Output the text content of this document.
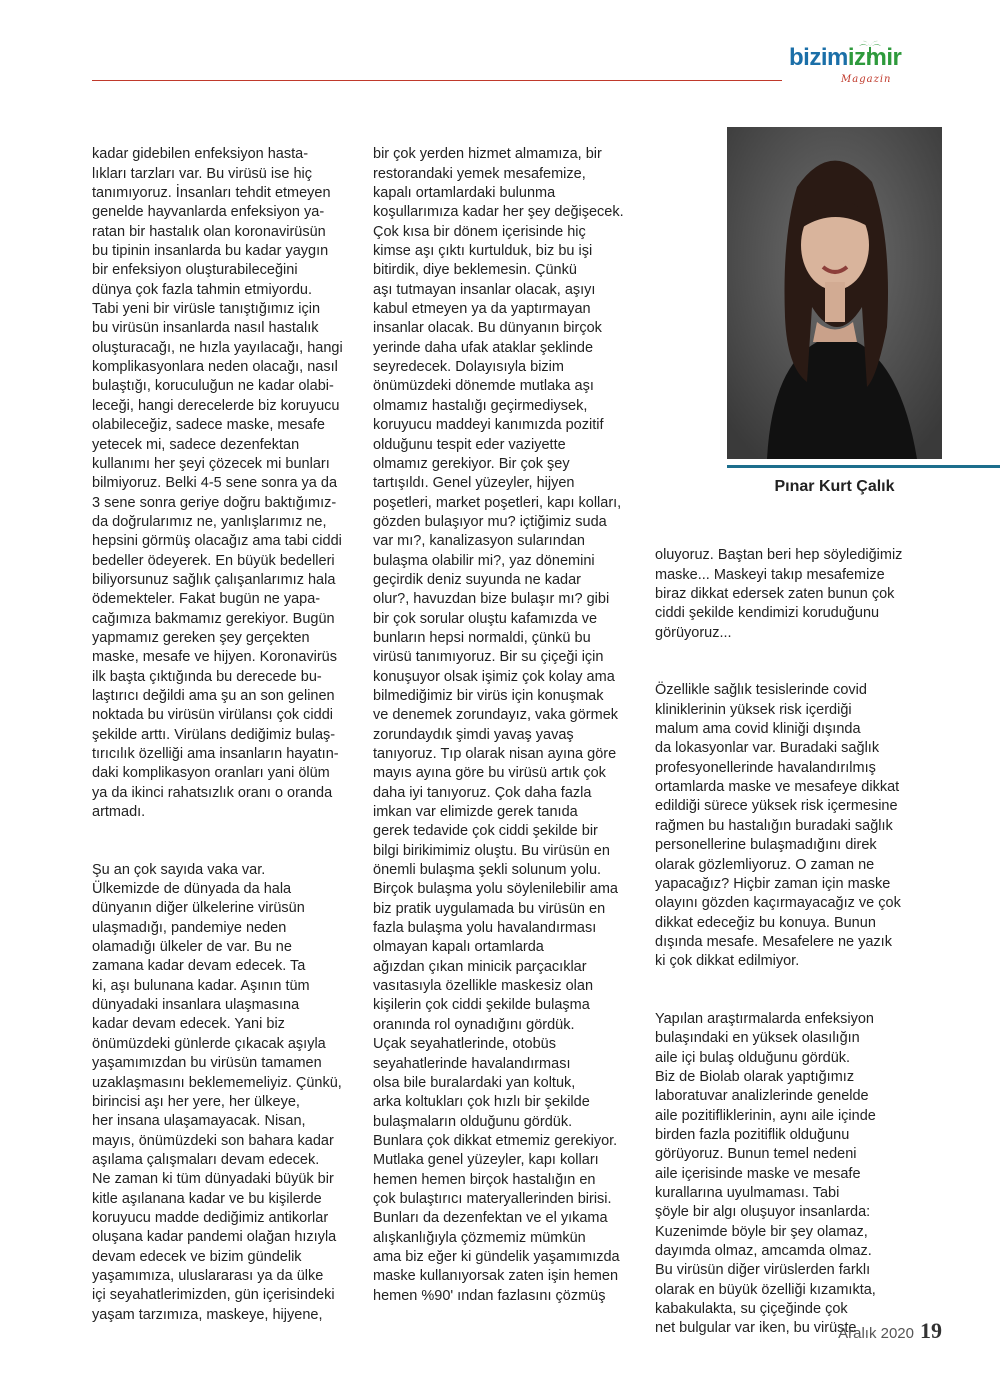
bizimizmir
Magazin

kadar gidebilen enfeksiyon hasta-
lıkları tarzları var. Bu virüsü ise hiç
tanımıyoruz. İnsanları tehdit etmeyen
genelde hayvanlarda enfeksiyon ya-
ratan bir hastalık olan koronavirüsün
bu tipinin insanlarda bu kadar yaygın
bir enfeksiyon oluşturabileceğini
dünya çok fazla tahmin etmiyordu.
Tabi yeni bir virüsle tanıştığımız için
bu virüsün insanlarda nasıl hastalık
oluşturacağı, ne hızla yayılacağı, hangi
komplikasyonlara neden olacağı, nasıl
bulaştığı, koruculuğun ne kadar olabi-
leceği, hangi derecelerde biz koruyucu
olabileceğiz, sadece maske, mesafe
yetecek mi, sadece dezenfektan
kullanımı her şeyi çözecek mi bunları
bilmiyoruz. Belki 4-5 sene sonra ya da
3 sene sonra geriye doğru baktığımız-
da doğrularımız ne, yanlışlarımız ne,
hepsini görmüş olacağız ama tabi ciddi
bedeller ödeyerek. En büyük bedelleri
biliyorsunuz sağlık çalışanlarımız hala
ödemekteler. Fakat bugün ne yapa-
cağımıza bakmamız gerekiyor. Bugün
yapmamız gereken şey gerçekten
maske, mesafe ve hijyen. Koronavirüs
ilk başta çıktığında bu derecede bu-
laştırıcı değildi ama şu an son gelinen
noktada bu virüsün virülansı çok ciddi
şekilde arttı. Virülans dediğimiz bulaş-
tırıcılık özelliği ama insanların hayatın-
daki komplikasyon oranları yani ölüm
ya da ikinci rahatsızlık oranı o oranda
artmadı.

Şu an çok sayıda vaka var.
Ülkemizde de dünyada da hala
dünyanın diğer ülkelerine virüsün
ulaşmadığı, pandemiye neden
olamadığı ülkeler de var. Bu ne
zamana kadar devam edecek. Ta
ki, aşı bulunana kadar. Aşının tüm
dünyadaki insanlara ulaşmasına
kadar devam edecek. Yani biz
önümüzdeki günlerde çıkacak aşıyla
yaşamımızdan bu virüsün tamamen
uzaklaşmasını beklememeliyiz. Çünkü,
birincisi aşı her yere, her ülkeye,
her insana ulaşamayacak. Nisan,
mayıs, önümüzdeki son bahara kadar
aşılama çalışmaları devam edecek.
Ne zaman ki tüm dünyadaki büyük bir
kitle aşılanana kadar ve bu kişilerde
koruyucu madde dediğimiz antikorlar
oluşana kadar pandemi olağan hızıyla
devam edecek ve bizim gündelik
yaşamımıza, uluslararası ya da ülke
içi seyahatlerimizden, gün içerisindeki
yaşam tarzımıza, maskeye, hijyene,

bir çok yerden hizmet almamıza, bir
restorandaki yemek mesafemize,
kapalı ortamlardaki bulunma
koşullarımıza kadar her şey değişecek.
Çok kısa bir dönem içerisinde hiç
kimse aşı çıktı kurtulduk, biz bu işi
bitirdik, diye beklemesin. Çünkü
aşı tutmayan insanlar olacak, aşıyı
kabul etmeyen ya da yaptırmayan
insanlar olacak. Bu dünyanın birçok
yerinde daha ufak ataklar şeklinde
seyredecek. Dolayısıyla bizim
önümüzdeki dönemde mutlaka aşı
olmamız hastalığı geçirmediysek,
koruyucu maddeyi kanımızda pozitif
olduğunu tespit eder vaziyette
olmamız gerekiyor. Bir çok şey
tartışıldı. Genel yüzeyler, hijyen
poşetleri, market poşetleri, kapı kolları,
gözden bulaşıyor mu? içtiğimiz suda
var mı?, kanalizasyon sularından
bulaşma olabilir mi?, yaz dönemini
geçirdik deniz suyunda ne kadar
olur?, havuzdan bize bulaşır mı? gibi
bir çok sorular oluştu kafamızda ve
bunların hepsi normaldi, çünkü bu
virüsü tanımıyoruz. Bir su çiçeği için
konuşuyor olsak işimiz çok kolay ama
bilmediğimiz bir virüs için konuşmak
ve denemek zorundayız, vaka görmek
zorundaydık şimdi yavaş yavaş
tanıyoruz. Tıp olarak nisan ayına göre
mayıs ayına göre bu virüsü artık çok
daha iyi tanıyoruz. Çok daha fazla
imkan var elimizde gerek tanıda
gerek tedavide çok ciddi şekilde bir
bilgi birikimimiz oluştu. Bu virüsün en
önemli bulaşma şekli solunum yolu.
Birçok bulaşma yolu söylenilebilir ama
biz pratik uygulamada bu virüsün en
fazla bulaşma yolu havalandırması
olmayan kapalı ortamlarda
ağızdan çıkan minicik parçacıklar
vasıtasıyla özellikle maskesiz olan
kişilerin çok ciddi şekilde bulaşma
oranında rol oynadığını gördük.
Uçak seyahatlerinde, otobüs
seyahatlerinde havalandırması
olsa bile buralardaki yan koltuk,
arka koltukları çok hızlı bir şekilde
bulaşmaların olduğunu gördük.
Bunlara çok dikkat etmemiz gerekiyor.
Mutlaka genel yüzeyler, kapı kolları
hemen hemen birçok hastalığın en
çok bulaştırıcı materyallerinden birisi.
Bunları da dezenfektan ve el yıkama
alışkanlığıyla çözmemiz mümkün
ama biz eğer ki gündelik yaşamımızda
maske kullanıyorsak zaten işin hemen
hemen %90' ından fazlasını çözmüş

Pınar Kurt Çalık

oluyoruz. Baştan beri hep söylediğimiz
maske... Maskeyi takıp mesafemize
biraz dikkat edersek zaten bunun çok
ciddi şekilde kendimizi koruduğunu
görüyoruz...

Özellikle sağlık tesislerinde covid
kliniklerinin yüksek risk içerdiği
malum ama covid kliniği dışında
da lokasyonlar var. Buradaki sağlık
profesyonellerinde havalandırılmış
ortamlarda maske ve mesafeye dikkat
edildiği sürece yüksek risk içermesine
rağmen bu hastalığın buradaki sağlık
personellerine bulaşmadığını direk
olarak gözlemliyoruz. O zaman ne
yapacağız? Hiçbir zaman için maske
olayını gözden kaçırmayacağız ve çok
dikkat edeceğiz bu konuya. Bunun
dışında mesafe. Mesafelere ne yazık
ki çok dikkat edilmiyor.

Yapılan araştırmalarda enfeksiyon
bulaşındaki en yüksek olasılığın
aile içi bulaş olduğunu gördük.
Biz de Biolab olarak yaptığımız
laboratuvar analizlerinde genelde
aile pozitifliklerinin, aynı aile içinde
birden fazla pozitiflik olduğunu
görüyoruz. Bunun temel nedeni
aile içerisinde maske ve mesafe
kurallarına uyulmaması. Tabi
şöyle bir algı oluşuyor insanlarda:
Kuzenimde böyle bir şey olamaz,
dayımda olmaz, amcamda olmaz.
Bu virüsün diğer virüslerden farklı
olarak en büyük özelliği kızamıkta,
kabakulakta, su çiçeğinde çok
net bulgular var iken, bu virüste

Aralık 2020 19
